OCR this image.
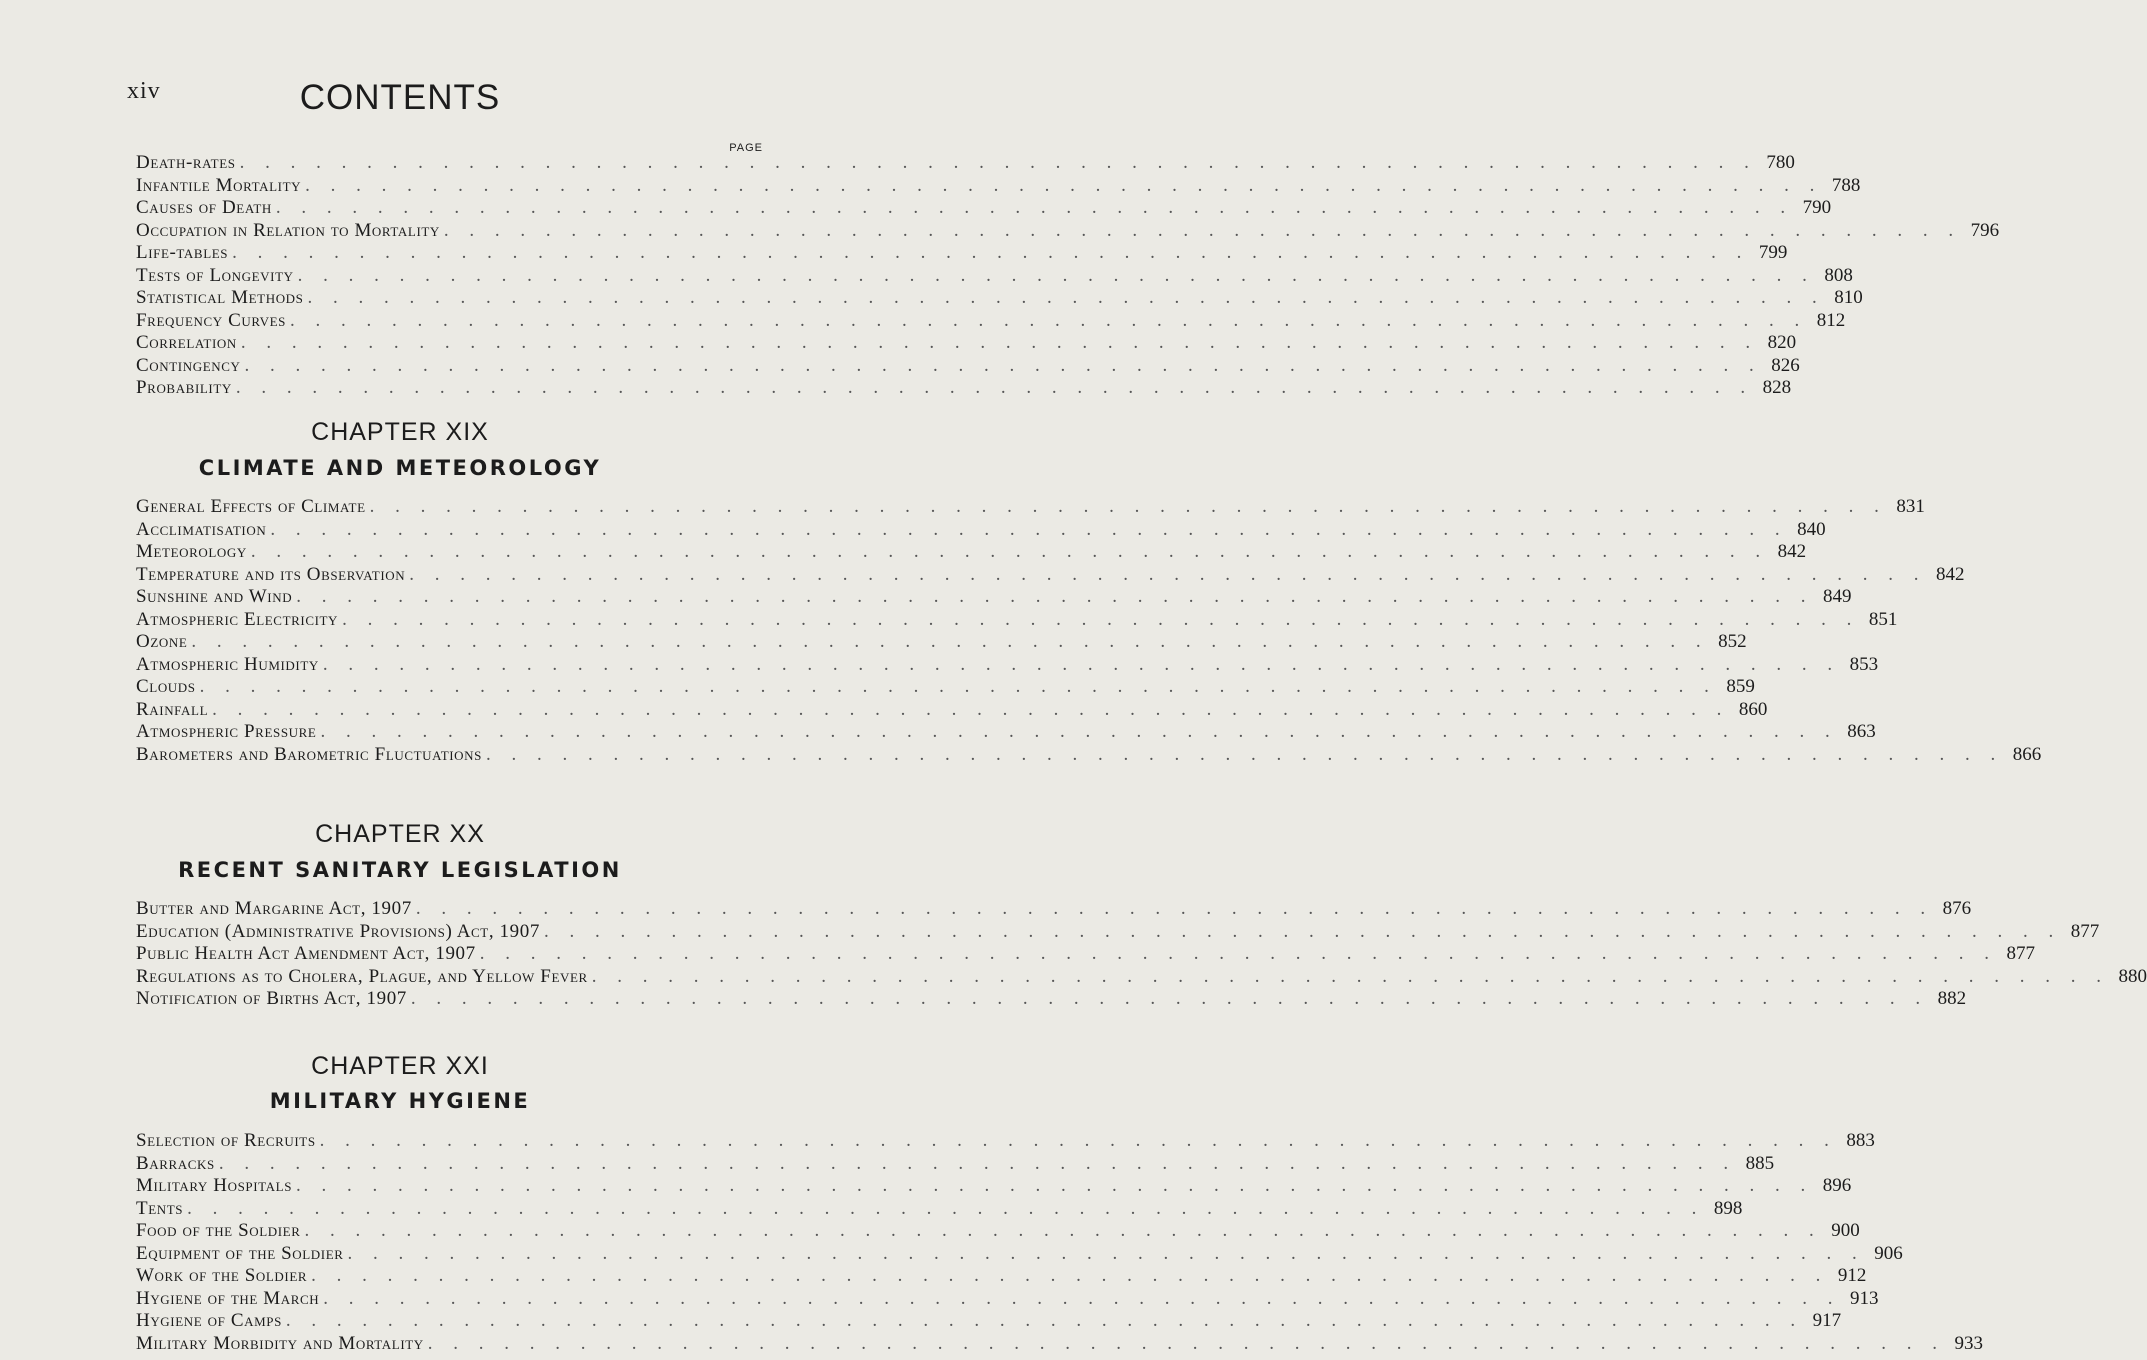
xiv	CONTENTS
PAGE
Death-rates . . . . . . . . . . . . . . . . . . . . . . . . . . . . . . . . . . . . . . . . . . . . . . . . . . . . . . . . . . . . 780
Infantile Mortality . . . . . . . . . . . . . . . . . . . . . . . . . . . . . . . . . . . . . . . . . . . . . . . . . . . . . . . . . . . . 788
Causes of Death . . . . . . . . . . . . . . . . . . . . . . . . . . . . . . . . . . . . . . . . . . . . . . . . . . . . . . . . . . . . 790
Occupation in Relation to Mortality . . . . . . . . . . . . . . . . . . . . . . . . . . . . . . . . . . . . . . . . . . . . . . . . . . . . . . . . . . . . 796
Life-tables . . . . . . . . . . . . . . . . . . . . . . . . . . . . . . . . . . . . . . . . . . . . . . . . . . . . . . . . . . . . 799
Tests of Longevity . . . . . . . . . . . . . . . . . . . . . . . . . . . . . . . . . . . . . . . . . . . . . . . . . . . . . . . . . . . . 808
Statistical Methods . . . . . . . . . . . . . . . . . . . . . . . . . . . . . . . . . . . . . . . . . . . . . . . . . . . . . . . . . . . . 810
Frequency Curves . . . . . . . . . . . . . . . . . . . . . . . . . . . . . . . . . . . . . . . . . . . . . . . . . . . . . . . . . . . . 812
Correlation . . . . . . . . . . . . . . . . . . . . . . . . . . . . . . . . . . . . . . . . . . . . . . . . . . . . . . . . . . . . 820
Contingency . . . . . . . . . . . . . . . . . . . . . . . . . . . . . . . . . . . . . . . . . . . . . . . . . . . . . . . . . . . . 826
Probability . . . . . . . . . . . . . . . . . . . . . . . . . . . . . . . . . . . . . . . . . . . . . . . . . . . . . . . . . . . . 828
CHAPTER XIX
CLIMATE AND METEOROLOGY
General Effects of Climate . . . . . . . . . . . . . . . . . . . . . . . . . . . . . . . . . . . . . . . . . . . . . . . . . . . . . . . . . . . . 831
Acclimatisation . . . . . . . . . . . . . . . . . . . . . . . . . . . . . . . . . . . . . . . . . . . . . . . . . . . . . . . . . . . . 840
Meteorology . . . . . . . . . . . . . . . . . . . . . . . . . . . . . . . . . . . . . . . . . . . . . . . . . . . . . . . . . . . . 842
Temperature and its Observation . . . . . . . . . . . . . . . . . . . . . . . . . . . . . . . . . . . . . . . . . . . . . . . . . . . . . . . . . . . . 842
Sunshine and Wind . . . . . . . . . . . . . . . . . . . . . . . . . . . . . . . . . . . . . . . . . . . . . . . . . . . . . . . . . . . . 849
Atmospheric Electricity . . . . . . . . . . . . . . . . . . . . . . . . . . . . . . . . . . . . . . . . . . . . . . . . . . . . . . . . . . . . 851
Ozone . . . . . . . . . . . . . . . . . . . . . . . . . . . . . . . . . . . . . . . . . . . . . . . . . . . . . . . . . . . . 852
Atmospheric Humidity . . . . . . . . . . . . . . . . . . . . . . . . . . . . . . . . . . . . . . . . . . . . . . . . . . . . . . . . . . . . 853
Clouds . . . . . . . . . . . . . . . . . . . . . . . . . . . . . . . . . . . . . . . . . . . . . . . . . . . . . . . . . . . . 859
Rainfall . . . . . . . . . . . . . . . . . . . . . . . . . . . . . . . . . . . . . . . . . . . . . . . . . . . . . . . . . . . . 860
Atmospheric Pressure . . . . . . . . . . . . . . . . . . . . . . . . . . . . . . . . . . . . . . . . . . . . . . . . . . . . . . . . . . . . 863
Barometers and Barometric Fluctuations . . . . . . . . . . . . . . . . . . . . . . . . . . . . . . . . . . . . . . . . . . . . . . . . . . . . . . . . . . . . 866
CHAPTER XX
RECENT SANITARY LEGISLATION
Butter and Margarine Act, 1907 . . . . . . . . . . . . . . . . . . . . . . . . . . . . . . . . . . . . . . . . . . . . . . . . . . . . . . . . . . . . 876
Education (Administrative Provisions) Act, 1907 . . . . . . . . . . . . . . . . . . . . . . . . . . . . . . . . . . . . . . . . . . . . . . . . . . . . . . . . . . . . 877
Public Health Act Amendment Act, 1907 . . . . . . . . . . . . . . . . . . . . . . . . . . . . . . . . . . . . . . . . . . . . . . . . . . . . . . . . . . . . 877
Regulations as to Cholera, Plague, and Yellow Fever . . . . . . . . . . . . . . . . . . . . . . . . . . . . . . . . . . . . . . . . . . . . . . . . . . . . . . . . . . . . 880
Notification of Births Act, 1907 . . . . . . . . . . . . . . . . . . . . . . . . . . . . . . . . . . . . . . . . . . . . . . . . . . . . . . . . . . . . 882
CHAPTER XXI
MILITARY HYGIENE
Selection of Recruits . . . . . . . . . . . . . . . . . . . . . . . . . . . . . . . . . . . . . . . . . . . . . . . . . . . . . . . . . . . . 883
Barracks . . . . . . . . . . . . . . . . . . . . . . . . . . . . . . . . . . . . . . . . . . . . . . . . . . . . . . . . . . . . 885
Military Hospitals . . . . . . . . . . . . . . . . . . . . . . . . . . . . . . . . . . . . . . . . . . . . . . . . . . . . . . . . . . . . 896
Tents . . . . . . . . . . . . . . . . . . . . . . . . . . . . . . . . . . . . . . . . . . . . . . . . . . . . . . . . . . . . 898
Food of the Soldier . . . . . . . . . . . . . . . . . . . . . . . . . . . . . . . . . . . . . . . . . . . . . . . . . . . . . . . . . . . . 900
Equipment of the Soldier . . . . . . . . . . . . . . . . . . . . . . . . . . . . . . . . . . . . . . . . . . . . . . . . . . . . . . . . . . . . 906
Work of the Soldier . . . . . . . . . . . . . . . . . . . . . . . . . . . . . . . . . . . . . . . . . . . . . . . . . . . . . . . . . . . . 912
Hygiene of the March . . . . . . . . . . . . . . . . . . . . . . . . . . . . . . . . . . . . . . . . . . . . . . . . . . . . . . . . . . . . 913
Hygiene of Camps . . . . . . . . . . . . . . . . . . . . . . . . . . . . . . . . . . . . . . . . . . . . . . . . . . . . . . . . . . . . 917
Military Morbidity and Mortality . . . . . . . . . . . . . . . . . . . . . . . . . . . . . . . . . . . . . . . . . . . . . . . . . . . . . . . . . . . . 933
